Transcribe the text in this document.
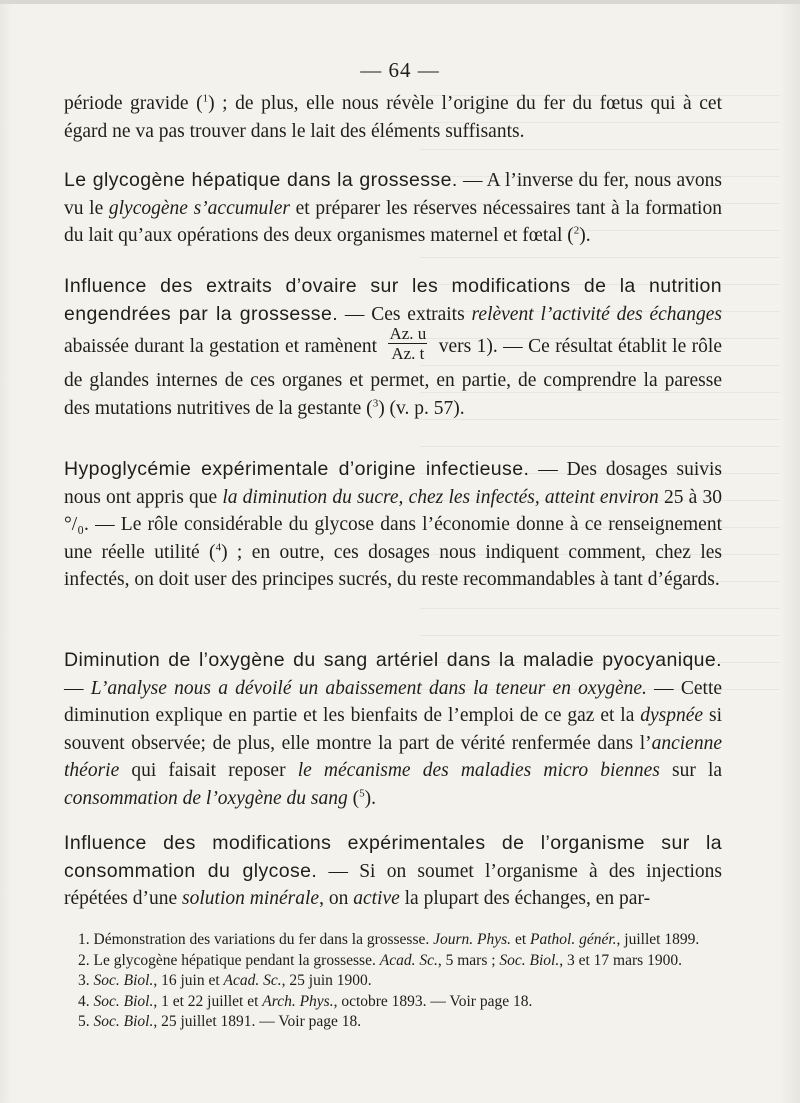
— 64 —
période gravide ($^1$) ; de plus, elle nous révèle l’origine du fer du fœtus qui à cet égard ne va pas trouver dans le lait des éléments suffisants.
Le glycogène hépatique dans la grossesse. — A l’inverse du fer, nous avons vu le glycogène s’accumuler et préparer les réserves nécessaires tant à la formation du lait qu’aux opérations des deux organismes maternel et fœtal ($^2$).
Influence des extraits d’ovaire sur les modifications de la nutrition engendrées par la grossesse. — Ces extraits relèvent l’activité des échanges abaissée durant la gestation et ramènent $\frac{Az. u}{Az. t}$ vers 1). — Ce résultat établit le rôle de glandes internes de ces organes et permet, en partie, de comprendre la paresse des mutations nutritives de la gestante ($^3$) (v. p. 57).
Hypoglycémie expérimentale d’origine infectieuse. — Des dosages suivis nous ont appris que la diminution du sucre, chez les infectés, atteint environ 25 à 30 °/₀. — Le rôle considérable du glycose dans l’économie donne à ce renseignement une réelle utilité ($^4$) ; en outre, ces dosages nous indiquent comment, chez les infectés, on doit user des principes sucrés, du reste recommandables à tant d’égards.
Diminution de l’oxygène du sang artériel dans la maladie pyocyanique. — L’analyse nous a dévoilé un abaissement dans la teneur en oxygène. — Cette diminution explique en partie et les bienfaits de l’emploi de ce gaz et la dyspnée si souvent observée; de plus, elle montre la part de vérité renfermée dans l’ancienne théorie qui faisait reposer le mécanisme des maladies micro biennes sur la consommation de l’oxygène du sang ($^5$).
Influence des modifications expérimentales de l’organisme sur la consommation du glycose. — Si on soumet l’organisme à des injections répétées d’une solution minérale, on active la plupart des échanges, en par-
1. Démonstration des variations du fer dans la grossesse. Journ. Phys. et Pathol. génér., juillet 1899.
2. Le glycogène hépatique pendant la grossesse. Acad. Sc., 5 mars ; Soc. Biol., 3 et 17 mars 1900.
3. Soc. Biol., 16 juin et Acad. Sc., 25 juin 1900.
4. Soc. Biol., 1 et 22 juillet et Arch. Phys., octobre 1893. — Voir page 18.
5. Soc. Biol., 25 juillet 1891. — Voir page 18.
